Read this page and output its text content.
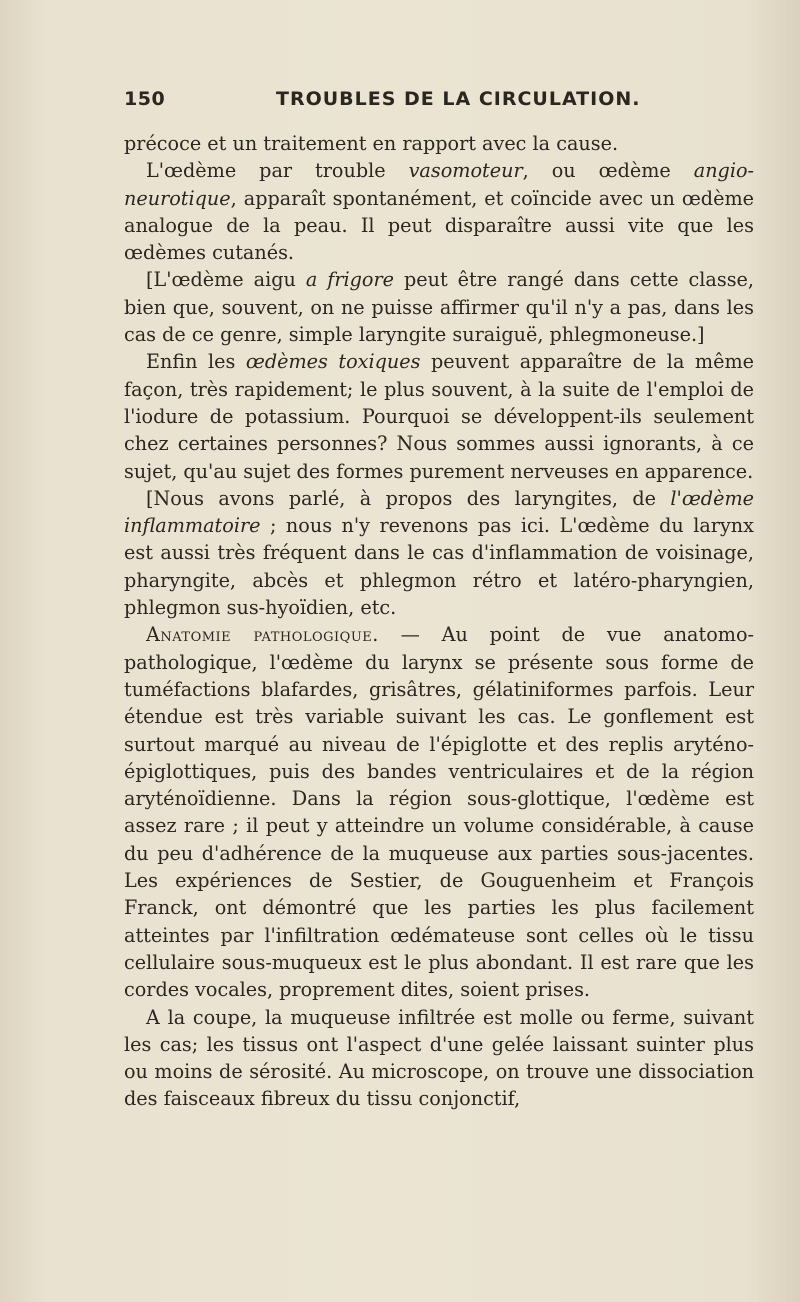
150	TROUBLES DE LA CIRCULATION.

précoce et un traitement en rapport avec la cause.

L'œdème par trouble vasomoteur, ou œdème angio-neurotique, apparaît spontanément, et coïncide avec un œdème analogue de la peau. Il peut disparaître aussi vite que les œdèmes cutanés.

[L'œdème aigu a frigore peut être rangé dans cette classe, bien que, souvent, on ne puisse affirmer qu'il n'y a pas, dans les cas de ce genre, simple laryngite suraiguë, phlegmoneuse.]

Enfin les œdèmes toxiques peuvent apparaître de la même façon, très rapidement; le plus souvent, à la suite de l'emploi de l'iodure de potassium. Pourquoi se développent-ils seulement chez certaines personnes? Nous sommes aussi ignorants, à ce sujet, qu'au sujet des formes purement nerveuses en apparence.

[Nous avons parlé, à propos des laryngites, de l'œdème inflammatoire ; nous n'y revenons pas ici. L'œdème du larynx est aussi très fréquent dans le cas d'inflammation de voisinage, pharyngite, abcès et phlegmon rétro et latéro-pharyngien, phlegmon sus-hyoïdien, etc.

Anatomie pathologique. — Au point de vue anatomo-pathologique, l'œdème du larynx se présente sous forme de tuméfactions blafardes, grisâtres, gélatiniformes parfois. Leur étendue est très variable suivant les cas. Le gonflement est surtout marqué au niveau de l'épiglotte et des replis aryténo-épiglottiques, puis des bandes ventriculaires et de la région aryténoïdienne. Dans la région sous-glottique, l'œdème est assez rare ; il peut y atteindre un volume considérable, à cause du peu d'adhérence de la muqueuse aux parties sous-jacentes. Les expériences de Sestier, de Gouguenheim et François Franck, ont démontré que les parties les plus facilement atteintes par l'infiltration œdémateuse sont celles où le tissu cellulaire sous-muqueux est le plus abondant. Il est rare que les cordes vocales, proprement dites, soient prises.

A la coupe, la muqueuse infiltrée est molle ou ferme, suivant les cas; les tissus ont l'aspect d'une gelée laissant suinter plus ou moins de sérosité. Au microscope, on trouve une dissociation des faisceaux fibreux du tissu conjonctif,
